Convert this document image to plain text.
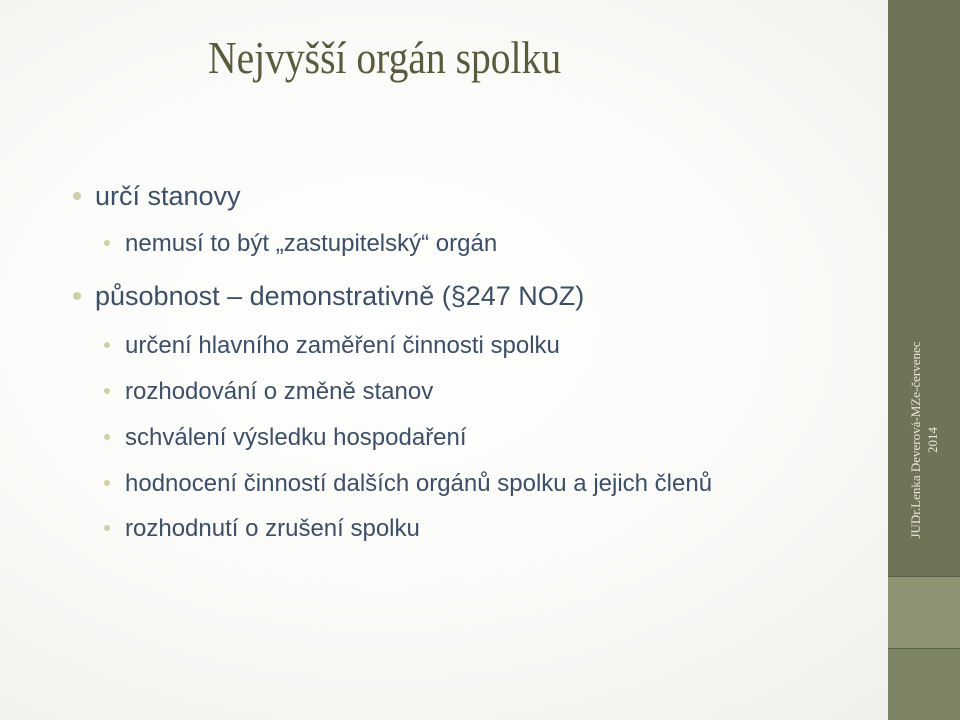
Nejvyšší orgán spolku
určí stanovy
nemusí to být „zastupitelský“ orgán
působnost – demonstrativně (§247 NOZ)
určení hlavního zaměření činnosti spolku
rozhodování o změně stanov
schválení výsledku hospodaření
hodnocení činností dalších orgánů spolku a jejich členů
rozhodnutí o zrušení spolku	JUDr.Lenka Deverová-MZe-červenec 2014
